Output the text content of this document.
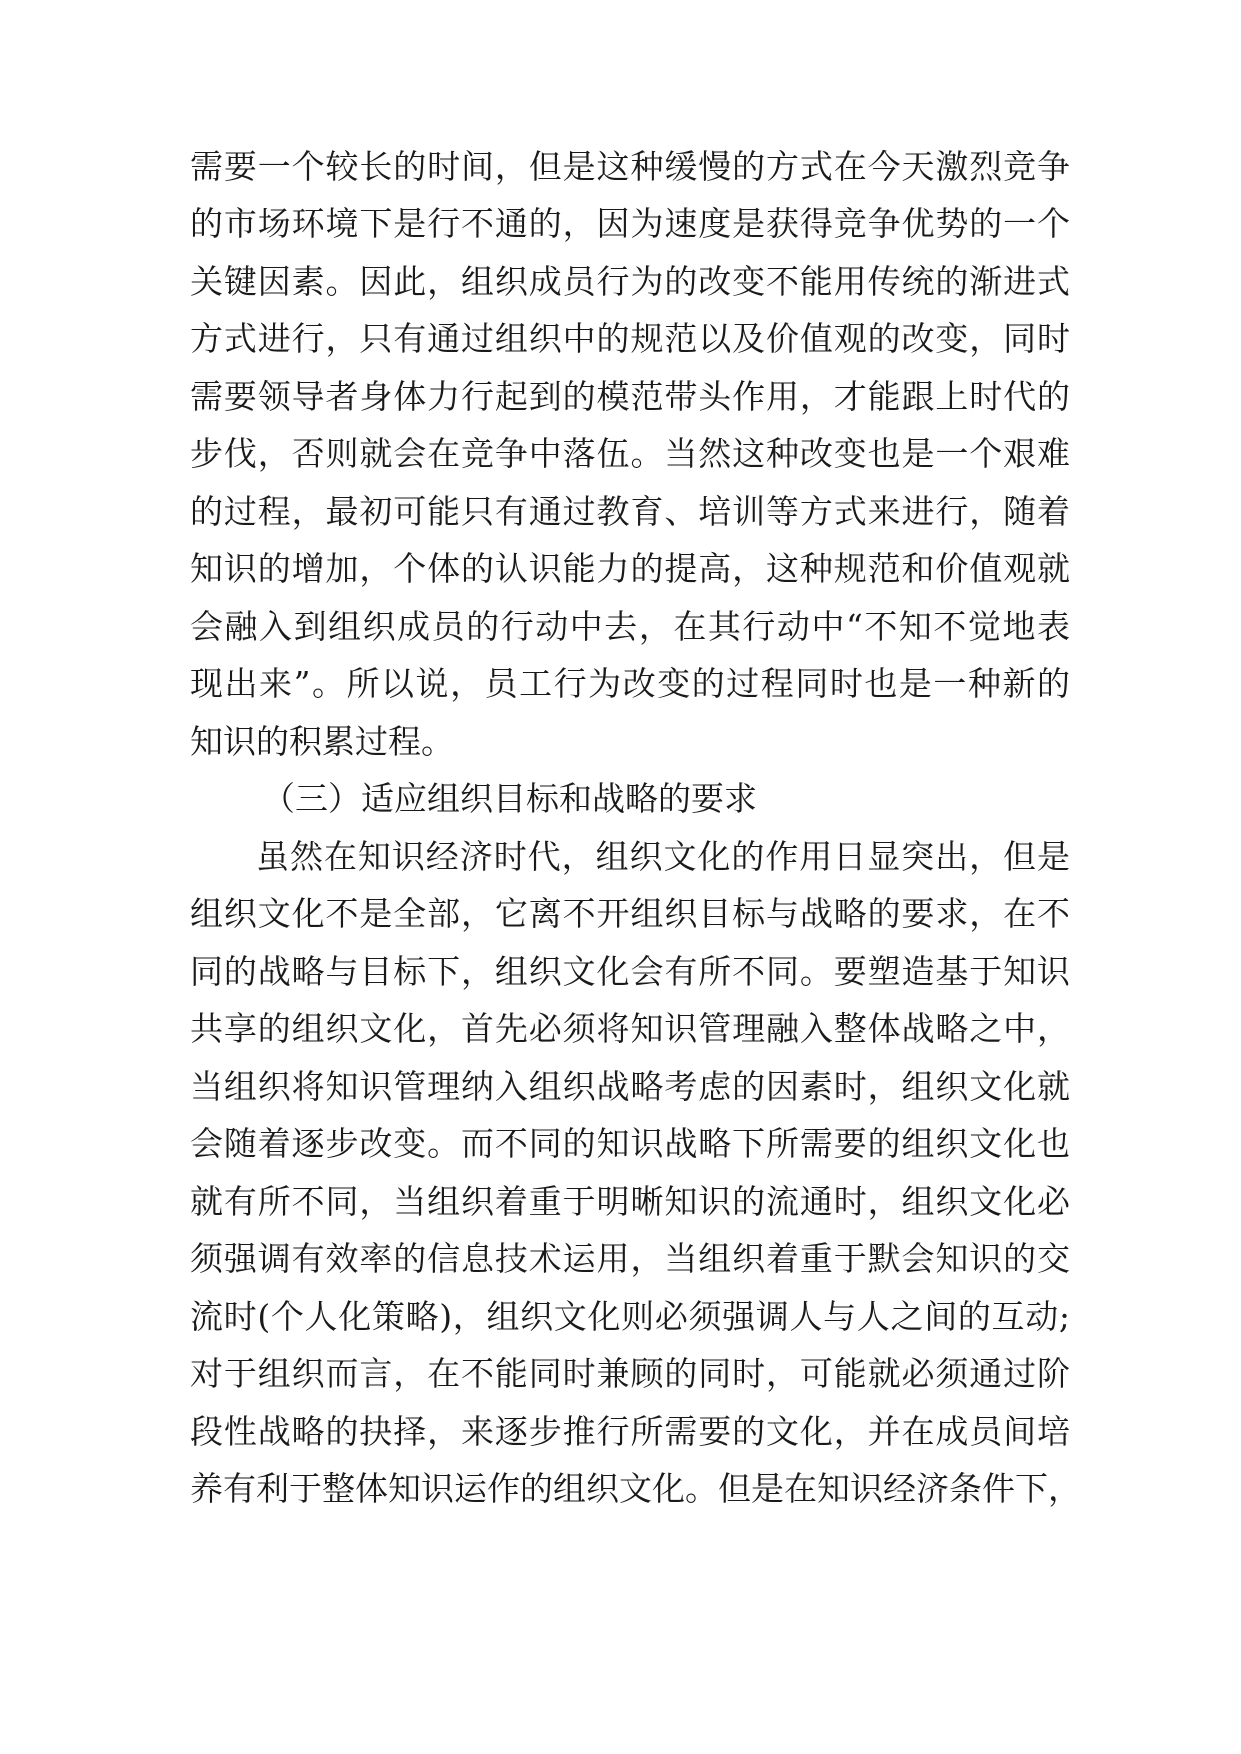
需要一个较长的时间，但是这种缓慢的方式在今天激烈竞争
的市场环境下是行不通的，因为速度是获得竞争优势的一个
关键因素。因此，组织成员行为的改变不能用传统的渐进式
方式进行，只有通过组织中的规范以及价值观的改变，同时
需要领导者身体力行起到的模范带头作用，才能跟上时代的
步伐，否则就会在竞争中落伍。当然这种改变也是一个艰难
的过程，最初可能只有通过教育、培训等方式来进行，随着
知识的增加，个体的认识能力的提高，这种规范和价值观就
会融入到组织成员的行动中去，在其行动中“不知不觉地表
现出来”。所以说，员工行为改变的过程同时也是一种新的
知识的积累过程。
（三）适应组织目标和战略的要求
虽然在知识经济时代，组织文化的作用日显突出，但是
组织文化不是全部，它离不开组织目标与战略的要求，在不
同的战略与目标下，组织文化会有所不同。要塑造基于知识
共享的组织文化，首先必须将知识管理融入整体战略之中，
当组织将知识管理纳入组织战略考虑的因素时，组织文化就
会随着逐步改变。而不同的知识战略下所需要的组织文化也
就有所不同，当组织着重于明晰知识的流通时，组织文化必
须强调有效率的信息技术运用，当组织着重于默会知识的交
流时(个人化策略)，组织文化则必须强调人与人之间的互动;
对于组织而言，在不能同时兼顾的同时，可能就必须通过阶
段性战略的抉择，来逐步推行所需要的文化，并在成员间培
养有利于整体知识运作的组织文化。但是在知识经济条件下，
